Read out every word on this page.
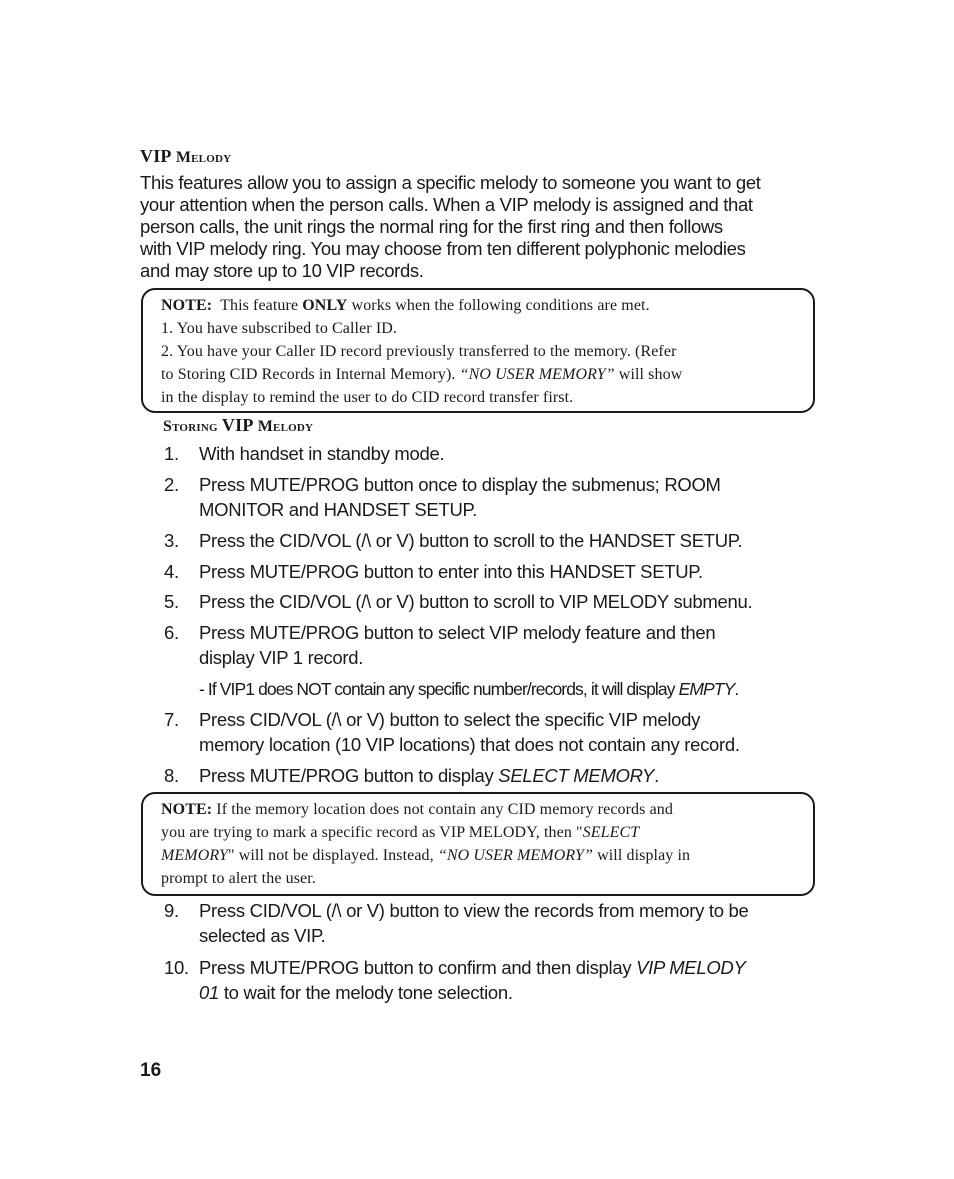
VIP Melody
This features allow you to assign a specific melody to someone you want to get
your attention when the person calls. When a VIP melody is assigned and that
person calls, the unit rings the normal ring for the first ring and then follows
with VIP melody ring. You may choose from ten different polyphonic melodies
and may store up to 10 VIP records.
NOTE: This feature ONLY works when the following conditions are met.
1. You have subscribed to Caller ID.
2. You have your Caller ID record previously transferred to the memory. (Refer
to Storing CID Records in Internal Memory). “NO USER MEMORY” will show
in the display to remind the user to do CID record transfer first.
Storing VIP Melody
1. With handset in standby mode.
2. Press MUTE/PROG button once to display the submenus; ROOM
MONITOR and HANDSET SETUP.
3. Press the CID/VOL (/\ or V) button to scroll to the HANDSET SETUP.
4. Press MUTE/PROG button to enter into this HANDSET SETUP.
5. Press the CID/VOL (/\ or V) button to scroll to VIP MELODY submenu.
6. Press MUTE/PROG button to select VIP melody feature and then
display VIP 1 record.
- If VIP1 does NOT contain any specific number/records, it will display EMPTY.
7. Press CID/VOL (/\ or V) button to select the specific VIP melody
memory location (10 VIP locations) that does not contain any record.
8. Press MUTE/PROG button to display SELECT MEMORY.
NOTE: If the memory location does not contain any CID memory records and
you are trying to mark a specific record as VIP MELODY, then "SELECT
MEMORY" will not be displayed. Instead, “NO USER MEMORY” will display in
prompt to alert the user.
9. Press CID/VOL (/\ or V) button to view the records from memory to be
selected as VIP.
10. Press MUTE/PROG button to confirm and then display VIP MELODY
01 to wait for the melody tone selection.
16
